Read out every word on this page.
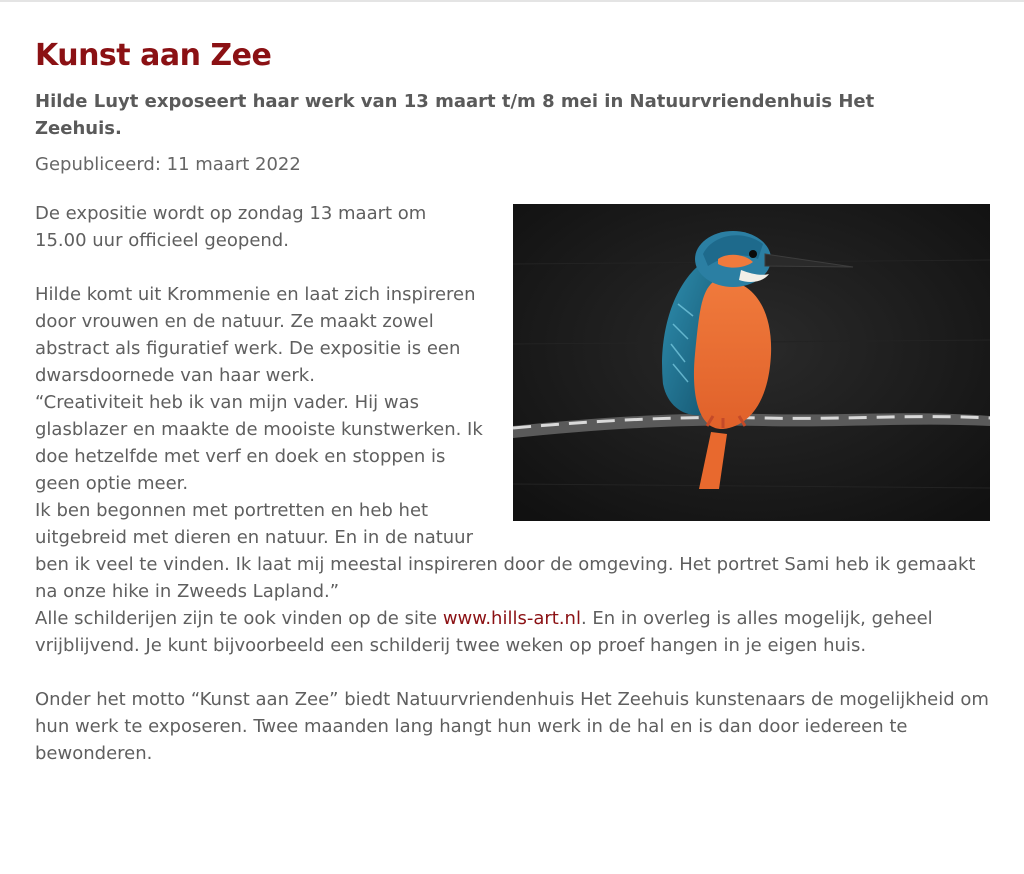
Kunst aan Zee
Hilde Luyt exposeert haar werk van 13 maart t/m 8 mei in Natuurvriendenhuis Het Zeehuis.
Gepubliceerd: 11 maart 2022

De expositie wordt op zondag 13 maart om 15.00 uur officieel geopend.

Hilde komt uit Krommenie en laat zich inspireren door vrouwen en de natuur. Ze maakt zowel abstract als figuratief werk. De expositie is een dwarsdoornede van haar werk.

“Creativiteit heb ik van mijn vader. Hij was glasblazer en maakte de mooiste kunstwerken. Ik doe hetzelfde met verf en doek en stoppen is geen optie meer.

Ik ben begonnen met portretten en heb het uitgebreid met dieren en natuur. En in de natuur ben ik veel te vinden. Ik laat mij meestal inspireren door de omgeving. Het portret Sami heb ik gemaakt na onze hike in Zweeds Lapland.”

Alle schilderijen zijn te ook vinden op de site www.hills-art.nl. En in overleg is alles mogelijk, geheel vrijblijvend. Je kunt bijvoorbeeld een schilderij twee weken op proef hangen in je eigen huis.

Onder het motto “Kunst aan Zee” biedt Natuurvriendenhuis Het Zeehuis kunstenaars de mogelijkheid om hun werk te exposeren. Twee maanden lang hangt hun werk in de hal en is dan door iedereen te bewonderen.
